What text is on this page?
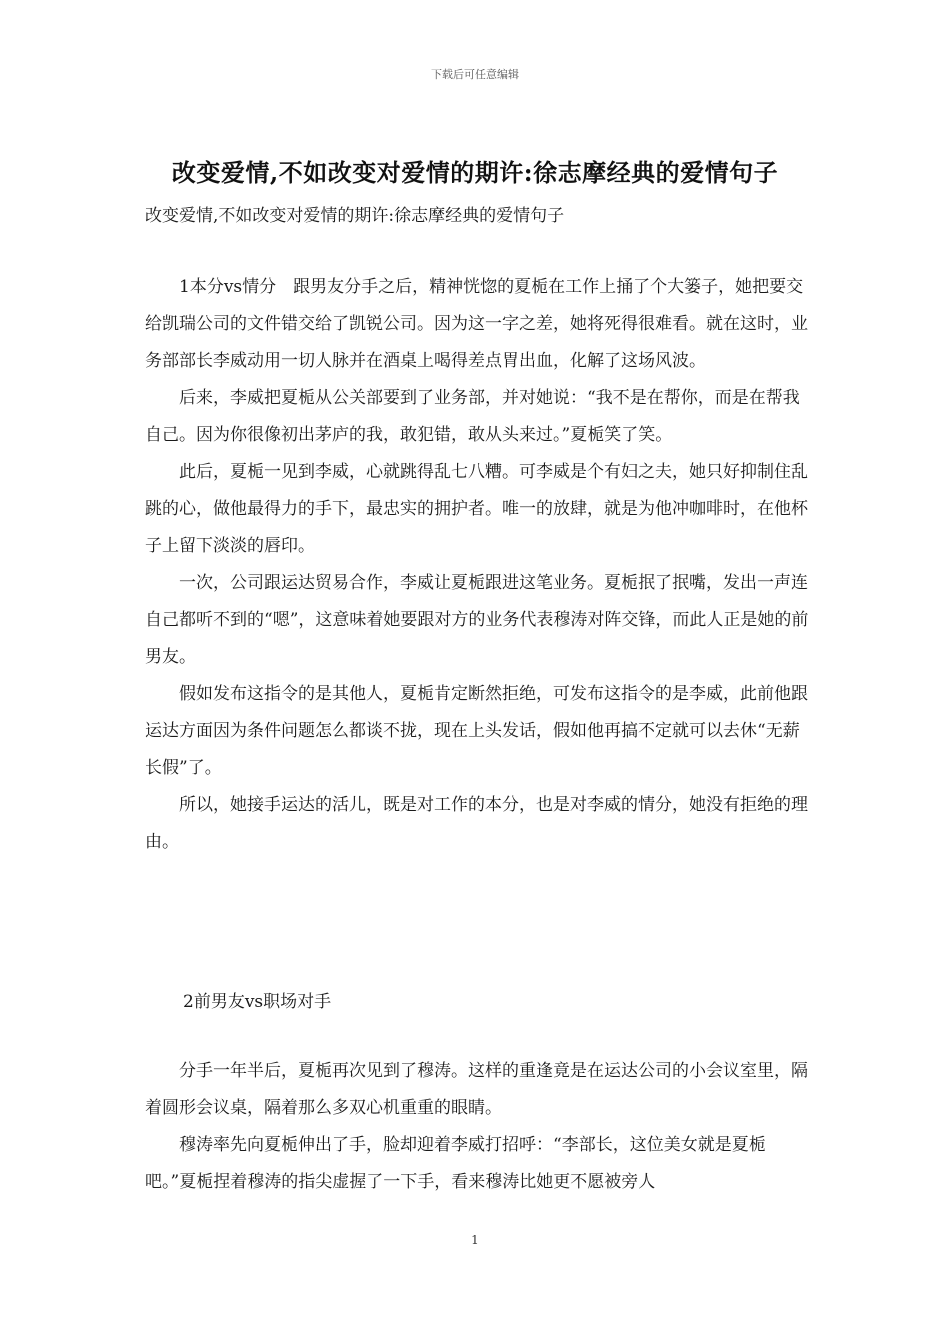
下载后可任意编辑
改变爱情,不如改变对爱情的期许:徐志摩经典的爱情句子
改变爱情,不如改变对爱情的期许:徐志摩经典的爱情句子

1本分vs情分　跟男友分手之后，精神恍惚的夏栀在工作上捅了个大篓子，她把要交给凯瑞公司的文件错交给了凯锐公司。因为这一字之差，她将死得很难看。就在这时，业务部部长李威动用一切人脉并在酒桌上喝得差点胃出血，化解了这场风波。

后来，李威把夏栀从公关部要到了业务部，并对她说：“我不是在帮你，而是在帮我自己。因为你很像初出茅庐的我，敢犯错，敢从头来过。”夏栀笑了笑。

此后，夏栀一见到李威，心就跳得乱七八糟。可李威是个有妇之夫，她只好抑制住乱跳的心，做他最得力的手下，最忠实的拥护者。唯一的放肆，就是为他冲咖啡时，在他杯子上留下淡淡的唇印。

一次，公司跟运达贸易合作，李威让夏栀跟进这笔业务。夏栀抿了抿嘴，发出一声连自己都听不到的“嗯”，这意味着她要跟对方的业务代表穆涛对阵交锋，而此人正是她的前男友。

假如发布这指令的是其他人，夏栀肯定断然拒绝，可发布这指令的是李威，此前他跟运达方面因为条件问题怎么都谈不拢，现在上头发话，假如他再搞不定就可以去休“无薪长假”了。

所以，她接手运达的活儿，既是对工作的本分，也是对李威的情分，她没有拒绝的理由。

2前男友vs职场对手

分手一年半后，夏栀再次见到了穆涛。这样的重逢竟是在运达公司的小会议室里，隔着圆形会议桌，隔着那么多双心机重重的眼睛。

穆涛率先向夏栀伸出了手，脸却迎着李威打招呼：“李部长，这位美女就是夏栀吧。”夏栀捏着穆涛的指尖虚握了一下手，看来穆涛比她更不愿被旁人

1
